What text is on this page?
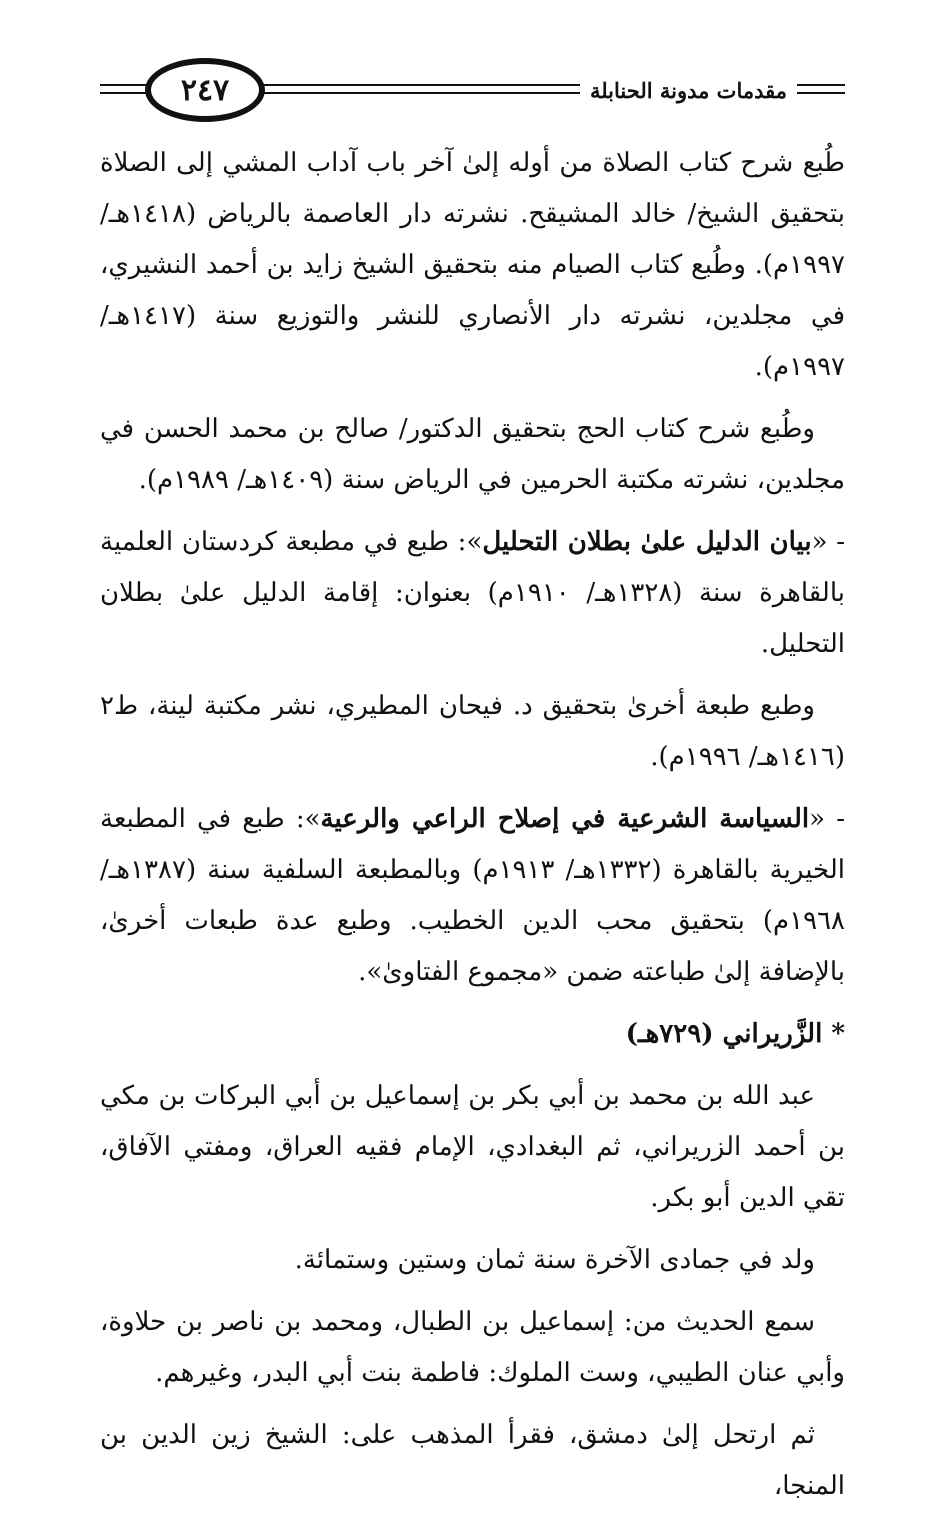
٢٤٧	مقدمات مدونة الحنابلة

طُبع شرح كتاب الصلاة من أوله إلىٰ آخر باب آداب المشي إلى الصلاة بتحقيق الشيخ/ خالد المشيقح. نشرته دار العاصمة بالرياض (١٤١٨هـ/ ١٩٩٧م). وطُبع كتاب الصيام منه بتحقيق الشيخ زايد بن أحمد النشيري، في مجلدين، نشرته دار الأنصاري للنشر والتوزيع سنة (١٤١٧هـ/ ١٩٩٧م).

وطُبع شرح كتاب الحج بتحقيق الدكتور/ صالح بن محمد الحسن في مجلدين، نشرته مكتبة الحرمين في الرياض سنة (١٤٠٩هـ/ ١٩٨٩م).

- «بيان الدليل علىٰ بطلان التحليل»: طبع في مطبعة كردستان العلمية بالقاهرة سنة (١٣٢٨هـ/ ١٩١٠م) بعنوان: إقامة الدليل علىٰ بطلان التحليل.

وطبع طبعة أخرىٰ بتحقيق د. فيحان المطيري، نشر مكتبة لينة، ط٢ (١٤١٦هـ/ ١٩٩٦م).

- «السياسة الشرعية في إصلاح الراعي والرعية»: طبع في المطبعة الخيرية بالقاهرة (١٣٣٢هـ/ ١٩١٣م) وبالمطبعة السلفية سنة (١٣٨٧هـ/ ١٩٦٨م) بتحقيق محب الدين الخطيب. وطبع عدة طبعات أخرىٰ، بالإضافة إلىٰ طباعته ضمن «مجموع الفتاوىٰ».

* الزَّريراني (٧٢٩هـ)

عبد الله بن محمد بن أبي بكر بن إسماعيل بن أبي البركات بن مكي بن أحمد الزريراني، ثم البغدادي، الإمام فقيه العراق، ومفتي الآفاق، تقي الدين أبو بكر.

ولد في جمادى الآخرة سنة ثمان وستين وستمائة.

سمع الحديث من: إسماعيل بن الطبال، ومحمد بن ناصر بن حلاوة، وأبي عنان الطيبي، وست الملوك: فاطمة بنت أبي البدر، وغيرهم.

ثم ارتحل إلىٰ دمشق، فقرأ المذهب على: الشيخ زين الدين بن المنجا،
